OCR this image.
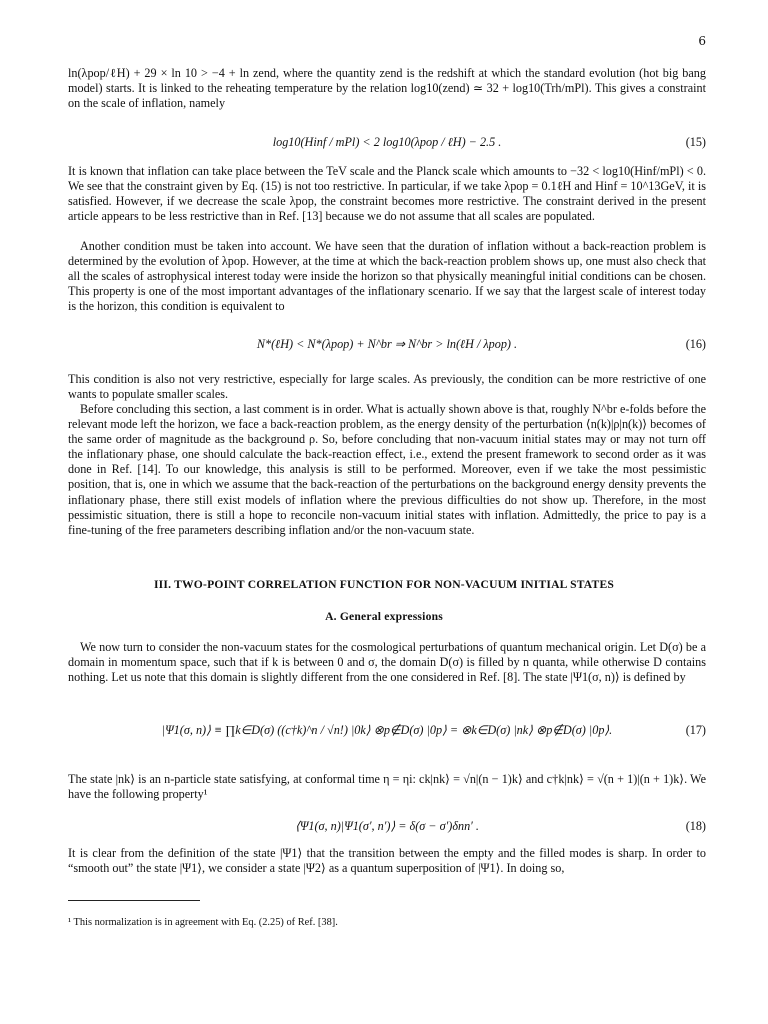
6

ln(λpop/ℓH) + 29 × ln 10 > −4 + ln zend, where the quantity zend is the redshift at which the standard evolution (hot big bang model) starts. It is linked to the reheating temperature by the relation log10(zend) ≃ 32 + log10(Trh/mPl). This gives a constraint on the scale of inflation, namely

log10(Hinf / mPl) < 2 log10(λpop / ℓH) − 2.5 .	(15)

It is known that inflation can take place between the TeV scale and the Planck scale which amounts to −32 < log10(Hinf/mPl) < 0. We see that the constraint given by Eq. (15) is not too restrictive. In particular, if we take λpop = 0.1ℓH and Hinf = 10^13GeV, it is satisfied. However, if we decrease the scale λpop, the constraint becomes more restrictive. The constraint derived in the present article appears to be less restrictive than in Ref. [13] because we do not assume that all scales are populated.

Another condition must be taken into account. We have seen that the duration of inflation without a back-reaction problem is determined by the evolution of λpop. However, at the time at which the back-reaction problem shows up, one must also check that all the scales of astrophysical interest today were inside the horizon so that physically meaningful initial conditions can be chosen. This property is one of the most important advantages of the inflationary scenario. If we say that the largest scale of interest today is the horizon, this condition is equivalent to

N*(ℓH) < N*(λpop) + N^br ⇒ N^br > ln(ℓH / λpop) .	(16)

This condition is also not very restrictive, especially for large scales. As previously, the condition can be more restrictive of one wants to populate smaller scales.

Before concluding this section, a last comment is in order. What is actually shown above is that, roughly N^br e-folds before the relevant mode left the horizon, we face a back-reaction problem, as the energy density of the perturbation ⟨n(k)|ρ|n(k)⟩ becomes of the same order of magnitude as the background ρ. So, before concluding that non-vacuum initial states may or may not turn off the inflationary phase, one should calculate the back-reaction effect, i.e., extend the present framework to second order as it was done in Ref. [14]. To our knowledge, this analysis is still to be performed. Moreover, even if we take the most pessimistic position, that is, one in which we assume that the back-reaction of the perturbations on the background energy density prevents the inflationary phase, there still exist models of inflation where the previous difficulties do not show up. Therefore, in the most pessimistic situation, there is still a hope to reconcile non-vacuum initial states with inflation. Admittedly, the price to pay is a fine-tuning of the free parameters describing inflation and/or the non-vacuum state.

III. TWO-POINT CORRELATION FUNCTION FOR NON-VACUUM INITIAL STATES
A. General expressions

We now turn to consider the non-vacuum states for the cosmological perturbations of quantum mechanical origin. Let D(σ) be a domain in momentum space, such that if k is between 0 and σ, the domain D(σ) is filled by n quanta, while otherwise D contains nothing. Let us note that this domain is slightly different from the one considered in Ref. [8]. The state |Ψ1(σ, n)⟩ is defined by

|Ψ1(σ, n)⟩ ≡ ∏k∈D(σ) ((c†k)^n / √n!) |0k⟩ ⊗p∉D(σ) |0p⟩ = ⊗k∈D(σ) |nk⟩ ⊗p∉D(σ) |0p⟩.	(17)

The state |nk⟩ is an n-particle state satisfying, at conformal time η = ηi: ck|nk⟩ = √n|(n − 1)k⟩ and c†k|nk⟩ = √(n + 1)|(n + 1)k⟩. We have the following property¹

⟨Ψ1(σ, n)|Ψ1(σ′, n′)⟩ = δ(σ − σ′)δnn′ .	(18)

It is clear from the definition of the state |Ψ1⟩ that the transition between the empty and the filled modes is sharp. In order to “smooth out” the state |Ψ1⟩, we consider a state |Ψ2⟩ as a quantum superposition of |Ψ1⟩. In doing so,

¹ This normalization is in agreement with Eq. (2.25) of Ref. [38].
